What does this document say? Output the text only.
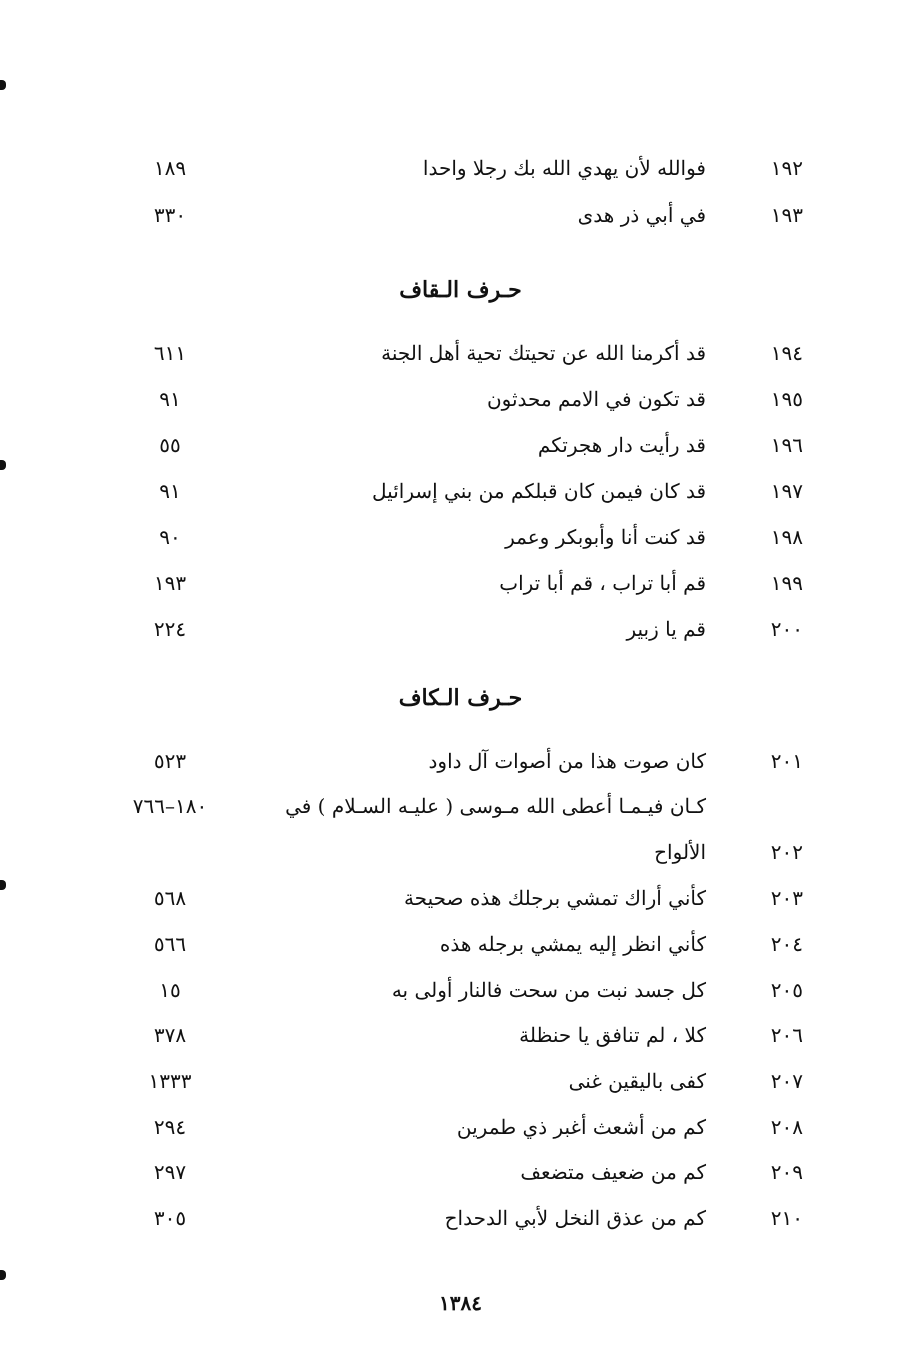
١٩٢
فوالله لأن يهدي الله بك رجلا واحدا
١٨٩
١٩٣
في أبي ذر هدى
٣٣٠
حـرف الـقاف
١٩٤
قد أكرمنا الله عن تحيتك تحية أهل الجنة
٦١١
١٩٥
قد تكون في الامم محدثون
٩١
١٩٦
قد رأيت دار هجرتكم
٥٥
١٩٧
قد كان فيمن كان قبلكم من بني إسرائيل
٩١
١٩٨
قد كنت أنا وأبوبكر وعمر
٩٠
١٩٩
قم أبا تراب ، قم أبا تراب
١٩٣
٢٠٠
قم يا زبير
٢٢٤
حـرف الـكاف
٢٠١
كان صوت هذا من أصوات آل داود
٥٢٣
كـان فيـمـا أعطى الله مـوسى ( عليـه السـلام ) في
١٨٠–٧٦٦
٢٠٢
الألواح
٢٠٣
كأني أراك تمشي برجلك هذه صحيحة
٥٦٨
٢٠٤
كأني انظر إليه يمشي برجله هذه
٥٦٦
٢٠٥
كل جسد نبت من سحت فالنار أولى به
١٥
٢٠٦
كلا ، لم تنافق يا حنظلة
٣٧٨
٢٠٧
كفى باليقين غنى
١٣٣٣
٢٠٨
كم من أشعث أغبر ذي طمرين
٢٩٤
٢٠٩
كم من ضعيف متضعف
٢٩٧
٢١٠
كم من عذق النخل لأبي الدحداح
٣٠٥
١٣٨٤
